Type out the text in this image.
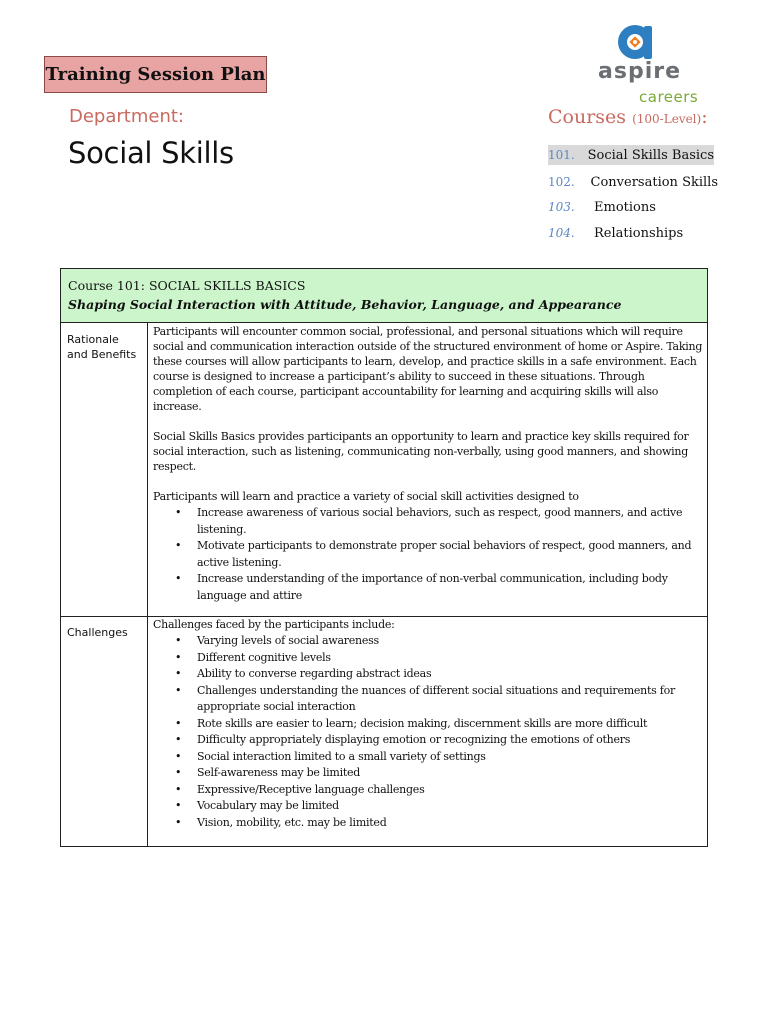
Training Session Plan
Department:
Social Skills
aspire
careers
Courses (100-Level):
101. Social Skills Basics
102.	Conversation Skills
103.	Emotions
104.	Relationships
Course 101: SOCIAL SKILLS BASICS
Shaping Social Interaction with Attitude, Behavior, Language, and Appearance
Rationale
and Benefits

Participants will encounter common social, professional, and personal situations which will require social and communication interaction outside of the structured environment of home or Aspire. Taking these courses will allow participants to learn, develop, and practice skills in a safe environment. Each course is designed to increase a participant’s ability to succeed in these situations. Through completion of each course, participant accountability for learning and acquiring skills will also increase.

Social Skills Basics provides participants an opportunity to learn and practice key skills required for social interaction, such as listening, communicating non-verbally, using good manners, and showing respect.

Participants will learn and practice a variety of social skill activities designed to

• Increase awareness of various social behaviors, such as respect, good manners, and active listening.
• Motivate participants to demonstrate proper social behaviors of respect, good manners, and active listening.
• Increase understanding of the importance of non-verbal communication, including body language and attire
Challenges

Challenges faced by the participants include:

• Varying levels of social awareness
• Different cognitive levels
• Ability to converse regarding abstract ideas
• Challenges understanding the nuances of different social situations and requirements for appropriate social interaction
• Rote skills are easier to learn; decision making, discernment skills are more difficult
• Difficulty appropriately displaying emotion or recognizing the emotions of others
• Social interaction limited to a small variety of settings
• Self-awareness may be limited
• Expressive/Receptive language challenges
• Vocabulary may be limited
• Vision, mobility, etc. may be limited
